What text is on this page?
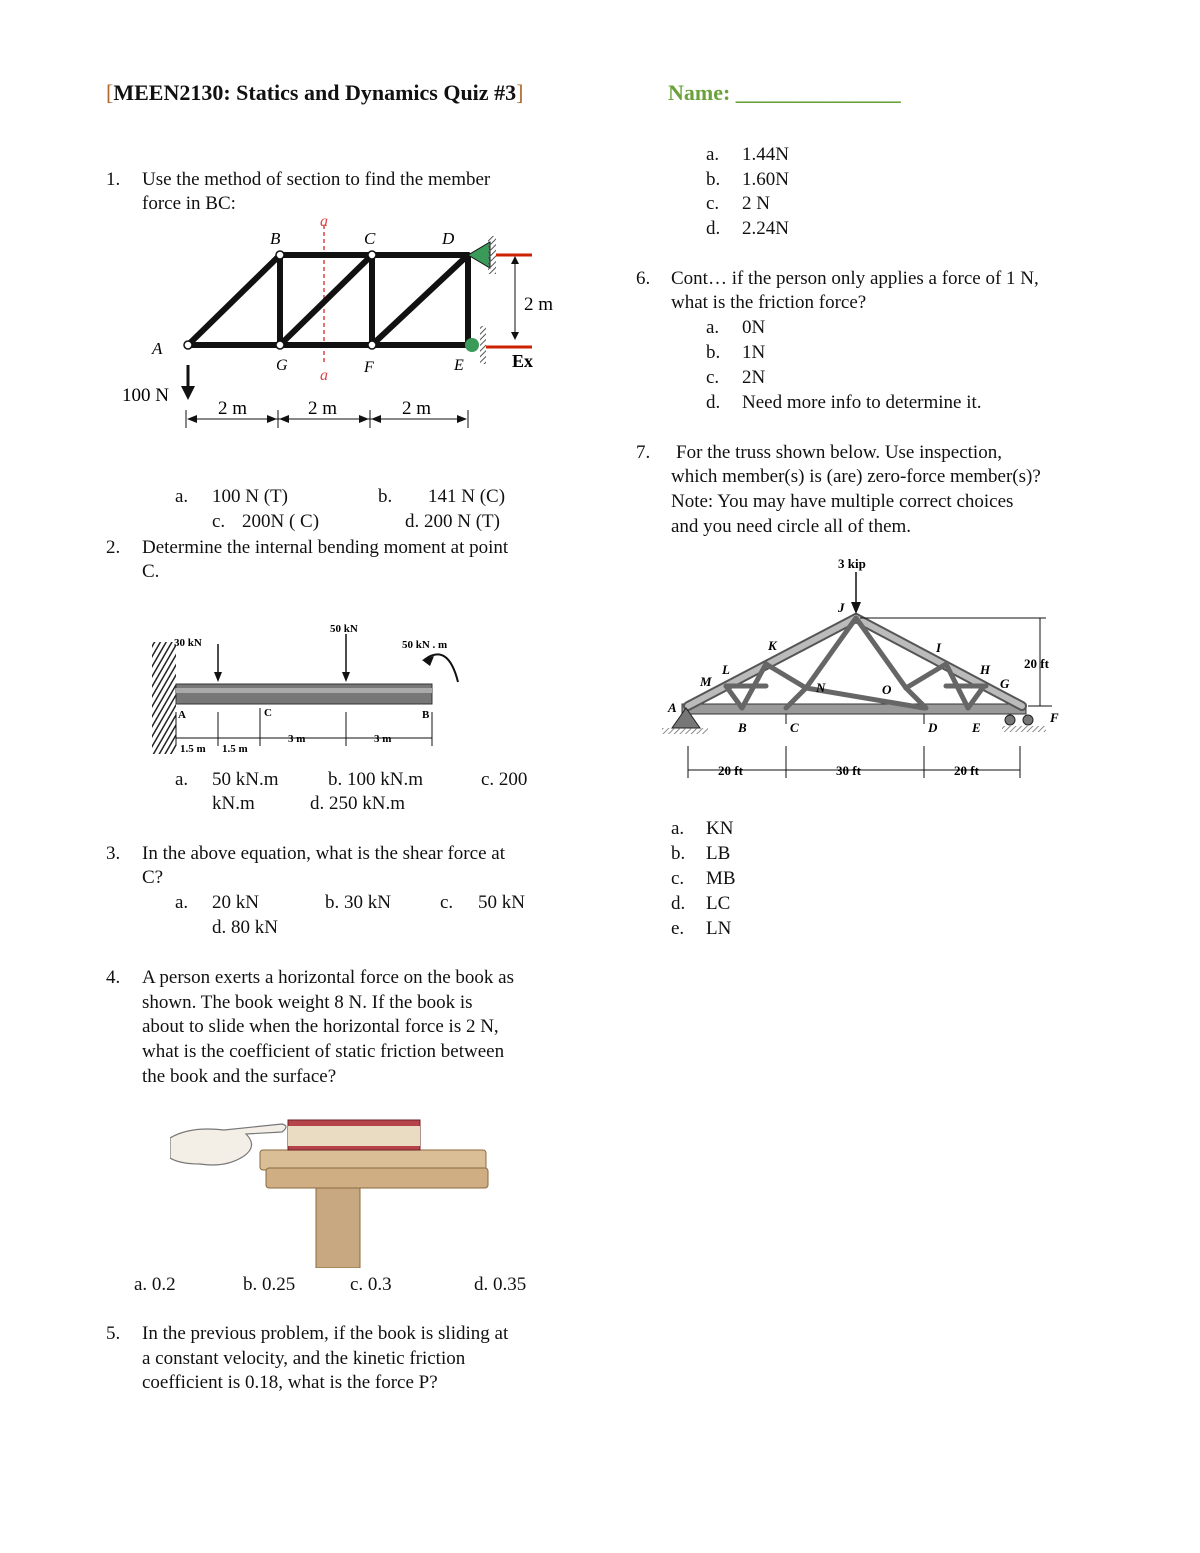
[MEEN2130: Statics and Dynamics Quiz #3]	Name: _______________
1. Use the method of section to find the member
force in BC:
a
B	C	D
A
G
a F	E	Ex
100 N
2 m
2 m	2 m	2 m
a. 100 N (T)	b. 141 N (C)
c. 200N ( C)	d. 200 N (T)
2. Determine the internal bending moment at point
C.
30 kN
50 kN
50 kN . m
A	C	B
1.5 m 1.5 m
3 m	3 m
a. 50 kN.m	b. 100 kN.m	c. 200
kN.m	d. 250 kN.m
3. In the above equation, what is the shear force at
C?
a. 20 kN	b. 30 kN	c. 50 kN
d. 80 kN
4. A person exerts a horizontal force on the book as
shown. The book weight 8 N. If the book is
about to slide when the horizontal force is 2 N,
what is the coefficient of static friction between
the book and the surface?
a. 0.2	b. 0.25	c. 0.3	d. 0.35
5. In the previous problem, if the book is sliding at
a constant velocity, and the kinetic friction
coefficient is 0.18, what is the force P?
a. 1.44N
b. 1.60N
c. 2 N
d. 2.24N
6. Cont… if the person only applies a force of 1 N,
what is the friction force?
a. 0N
b. 1N
c. 2N
d. Need more info to determine it.
7. For the truss shown below. Use inspection,
which member(s) is (are) zero-force member(s)?
Note: You may have multiple correct choices
and you need circle all of them.
3 kip
J
K	I
L
M
H
G
N	O
A
B	C	D	E
F
20 ft
20 ft	30 ft	20 ft
a. KN
b. LB
c. MB
d. LC
e. LN
